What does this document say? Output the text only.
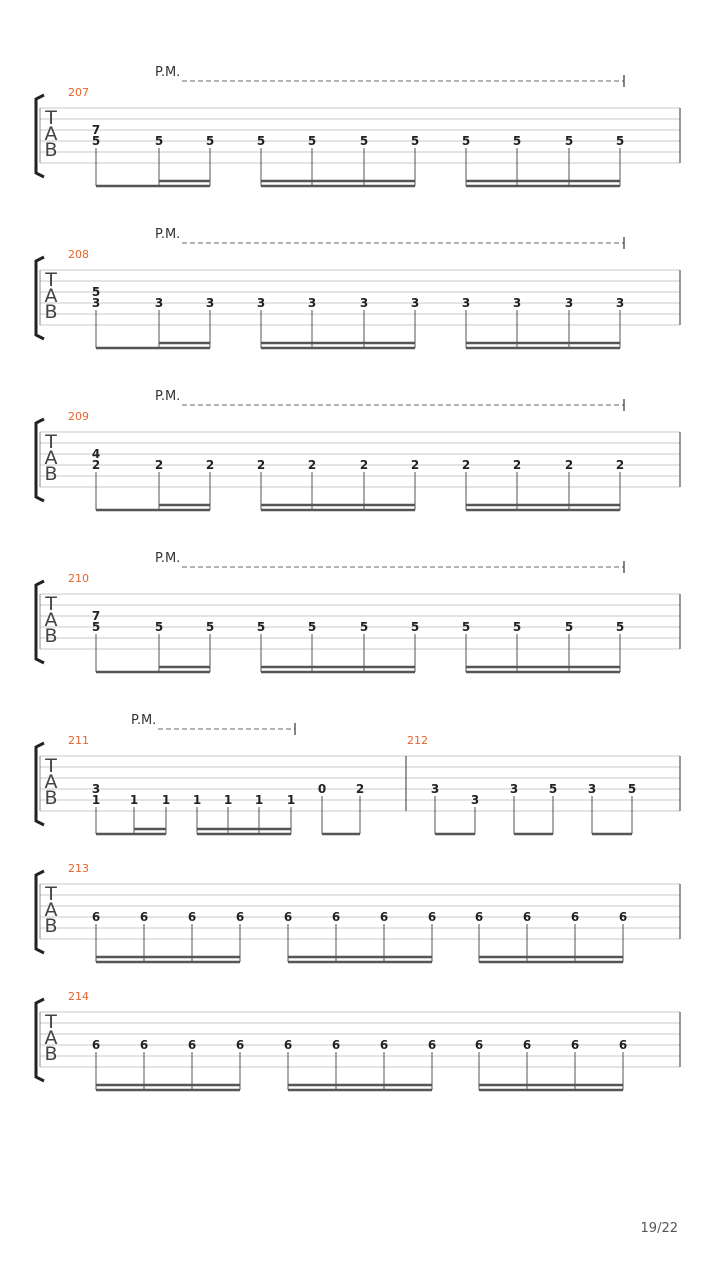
T
A
B
P.M.
207
7
5	5	5	5	5	5	5	5	5	5	5
T
A
B
P.M.
208
5
3	3	3	3	3	3	3	3	3	3	3
T
A
B
P.M.
209
4
2	2	2	2	2	2	2	2	2	2	2
T
A
B
P.M.
210
7
5	5	5	5	5	5	5	5	5	5	5
T
A
B
P.M.
211
3
1 1 1 1 1 1 1
0 2
212
3
3
3	5	3	5
T
A
B
213
6	6	6	6	6	6	6	6	6	6	6	6
T
A
B
214
6	6	6	6	6	6	6	6	6	6	6	6
19/22
